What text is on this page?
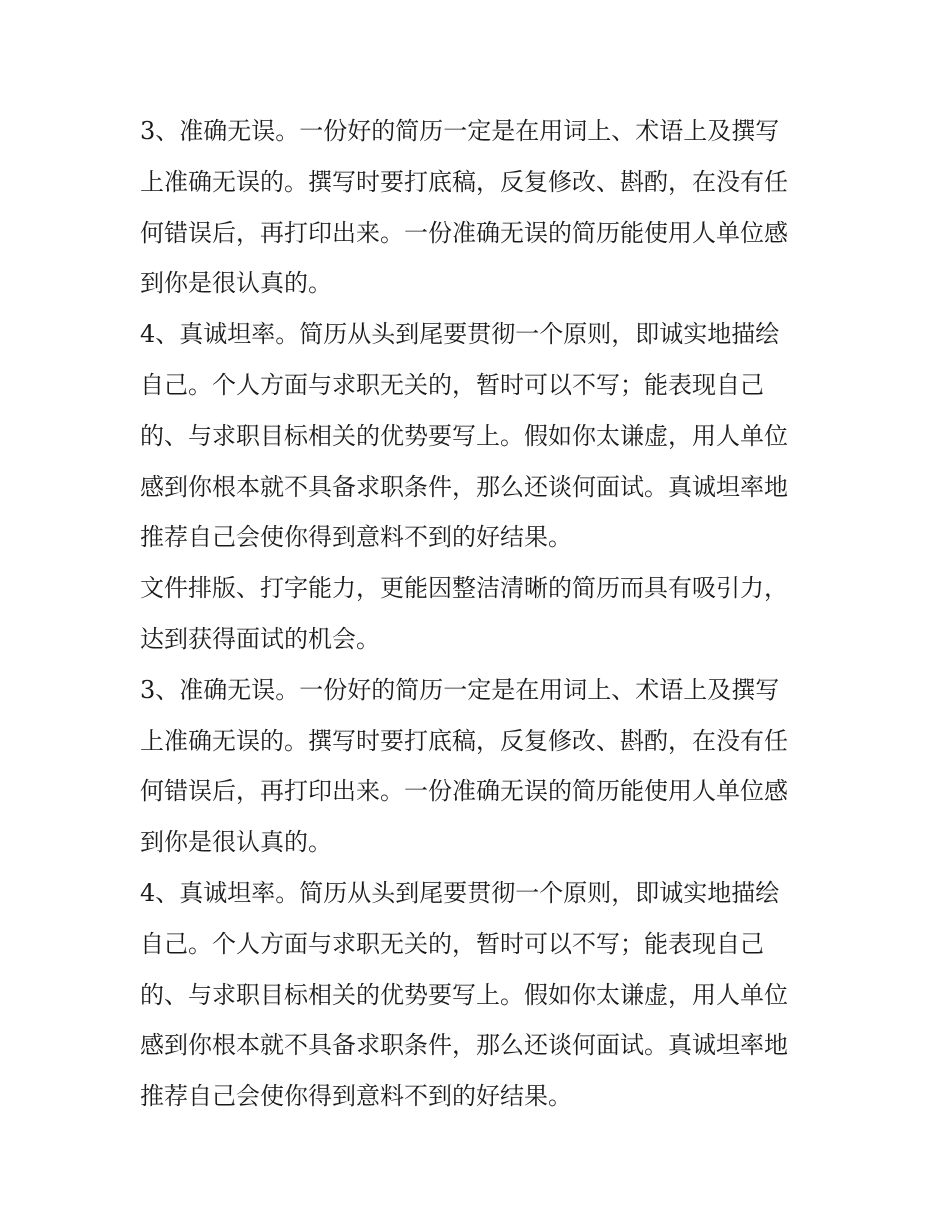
3、准确无误。一份好的简历一定是在用词上、术语上及撰写
上准确无误的。撰写时要打底稿，反复修改、斟酌，在没有任
何错误后，再打印出来。一份准确无误的简历能使用人单位感
到你是很认真的。

4、真诚坦率。简历从头到尾要贯彻一个原则，即诚实地描绘
自己。个人方面与求职无关的，暂时可以不写；能表现自己
的、与求职目标相关的优势要写上。假如你太谦虚，用人单位
感到你根本就不具备求职条件，那么还谈何面试。真诚坦率地
推荐自己会使你得到意料不到的好结果。

文件排版、打字能力，更能因整洁清晰的简历而具有吸引力，
达到获得面试的机会。

3、准确无误。一份好的简历一定是在用词上、术语上及撰写
上准确无误的。撰写时要打底稿，反复修改、斟酌，在没有任
何错误后，再打印出来。一份准确无误的简历能使用人单位感
到你是很认真的。

4、真诚坦率。简历从头到尾要贯彻一个原则，即诚实地描绘
自己。个人方面与求职无关的，暂时可以不写；能表现自己
的、与求职目标相关的优势要写上。假如你太谦虚，用人单位
感到你根本就不具备求职条件，那么还谈何面试。真诚坦率地
推荐自己会使你得到意料不到的好结果。
